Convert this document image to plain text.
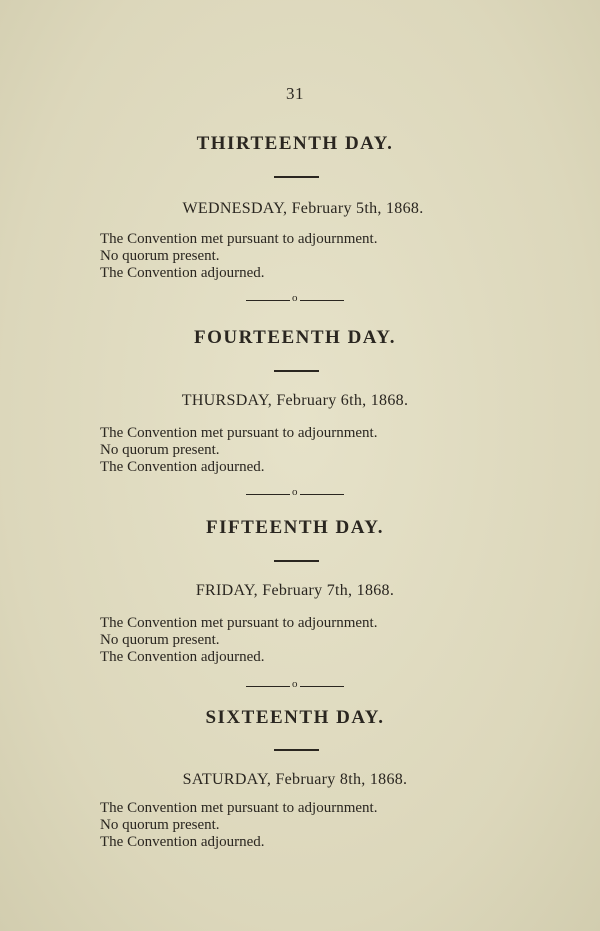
31
THIRTEENTH DAY.
WEDNESDAY, February 5th, 1868.
The Convention met pursuant to adjournment.
No quorum present.
The Convention adjourned.
o
FOURTEENTH DAY.
THURSDAY, February 6th, 1868.
The Convention met pursuant to adjournment.
No quorum present.
The Convention adjourned.
o
FIFTEENTH DAY.
FRIDAY, February 7th, 1868.
The Convention met pursuant to adjournment.
No quorum present.
The Convention adjourned.
o
SIXTEENTH DAY.
SATURDAY, February 8th, 1868.
The Convention met pursuant to adjournment.
No quorum present.
The Convention adjourned.
